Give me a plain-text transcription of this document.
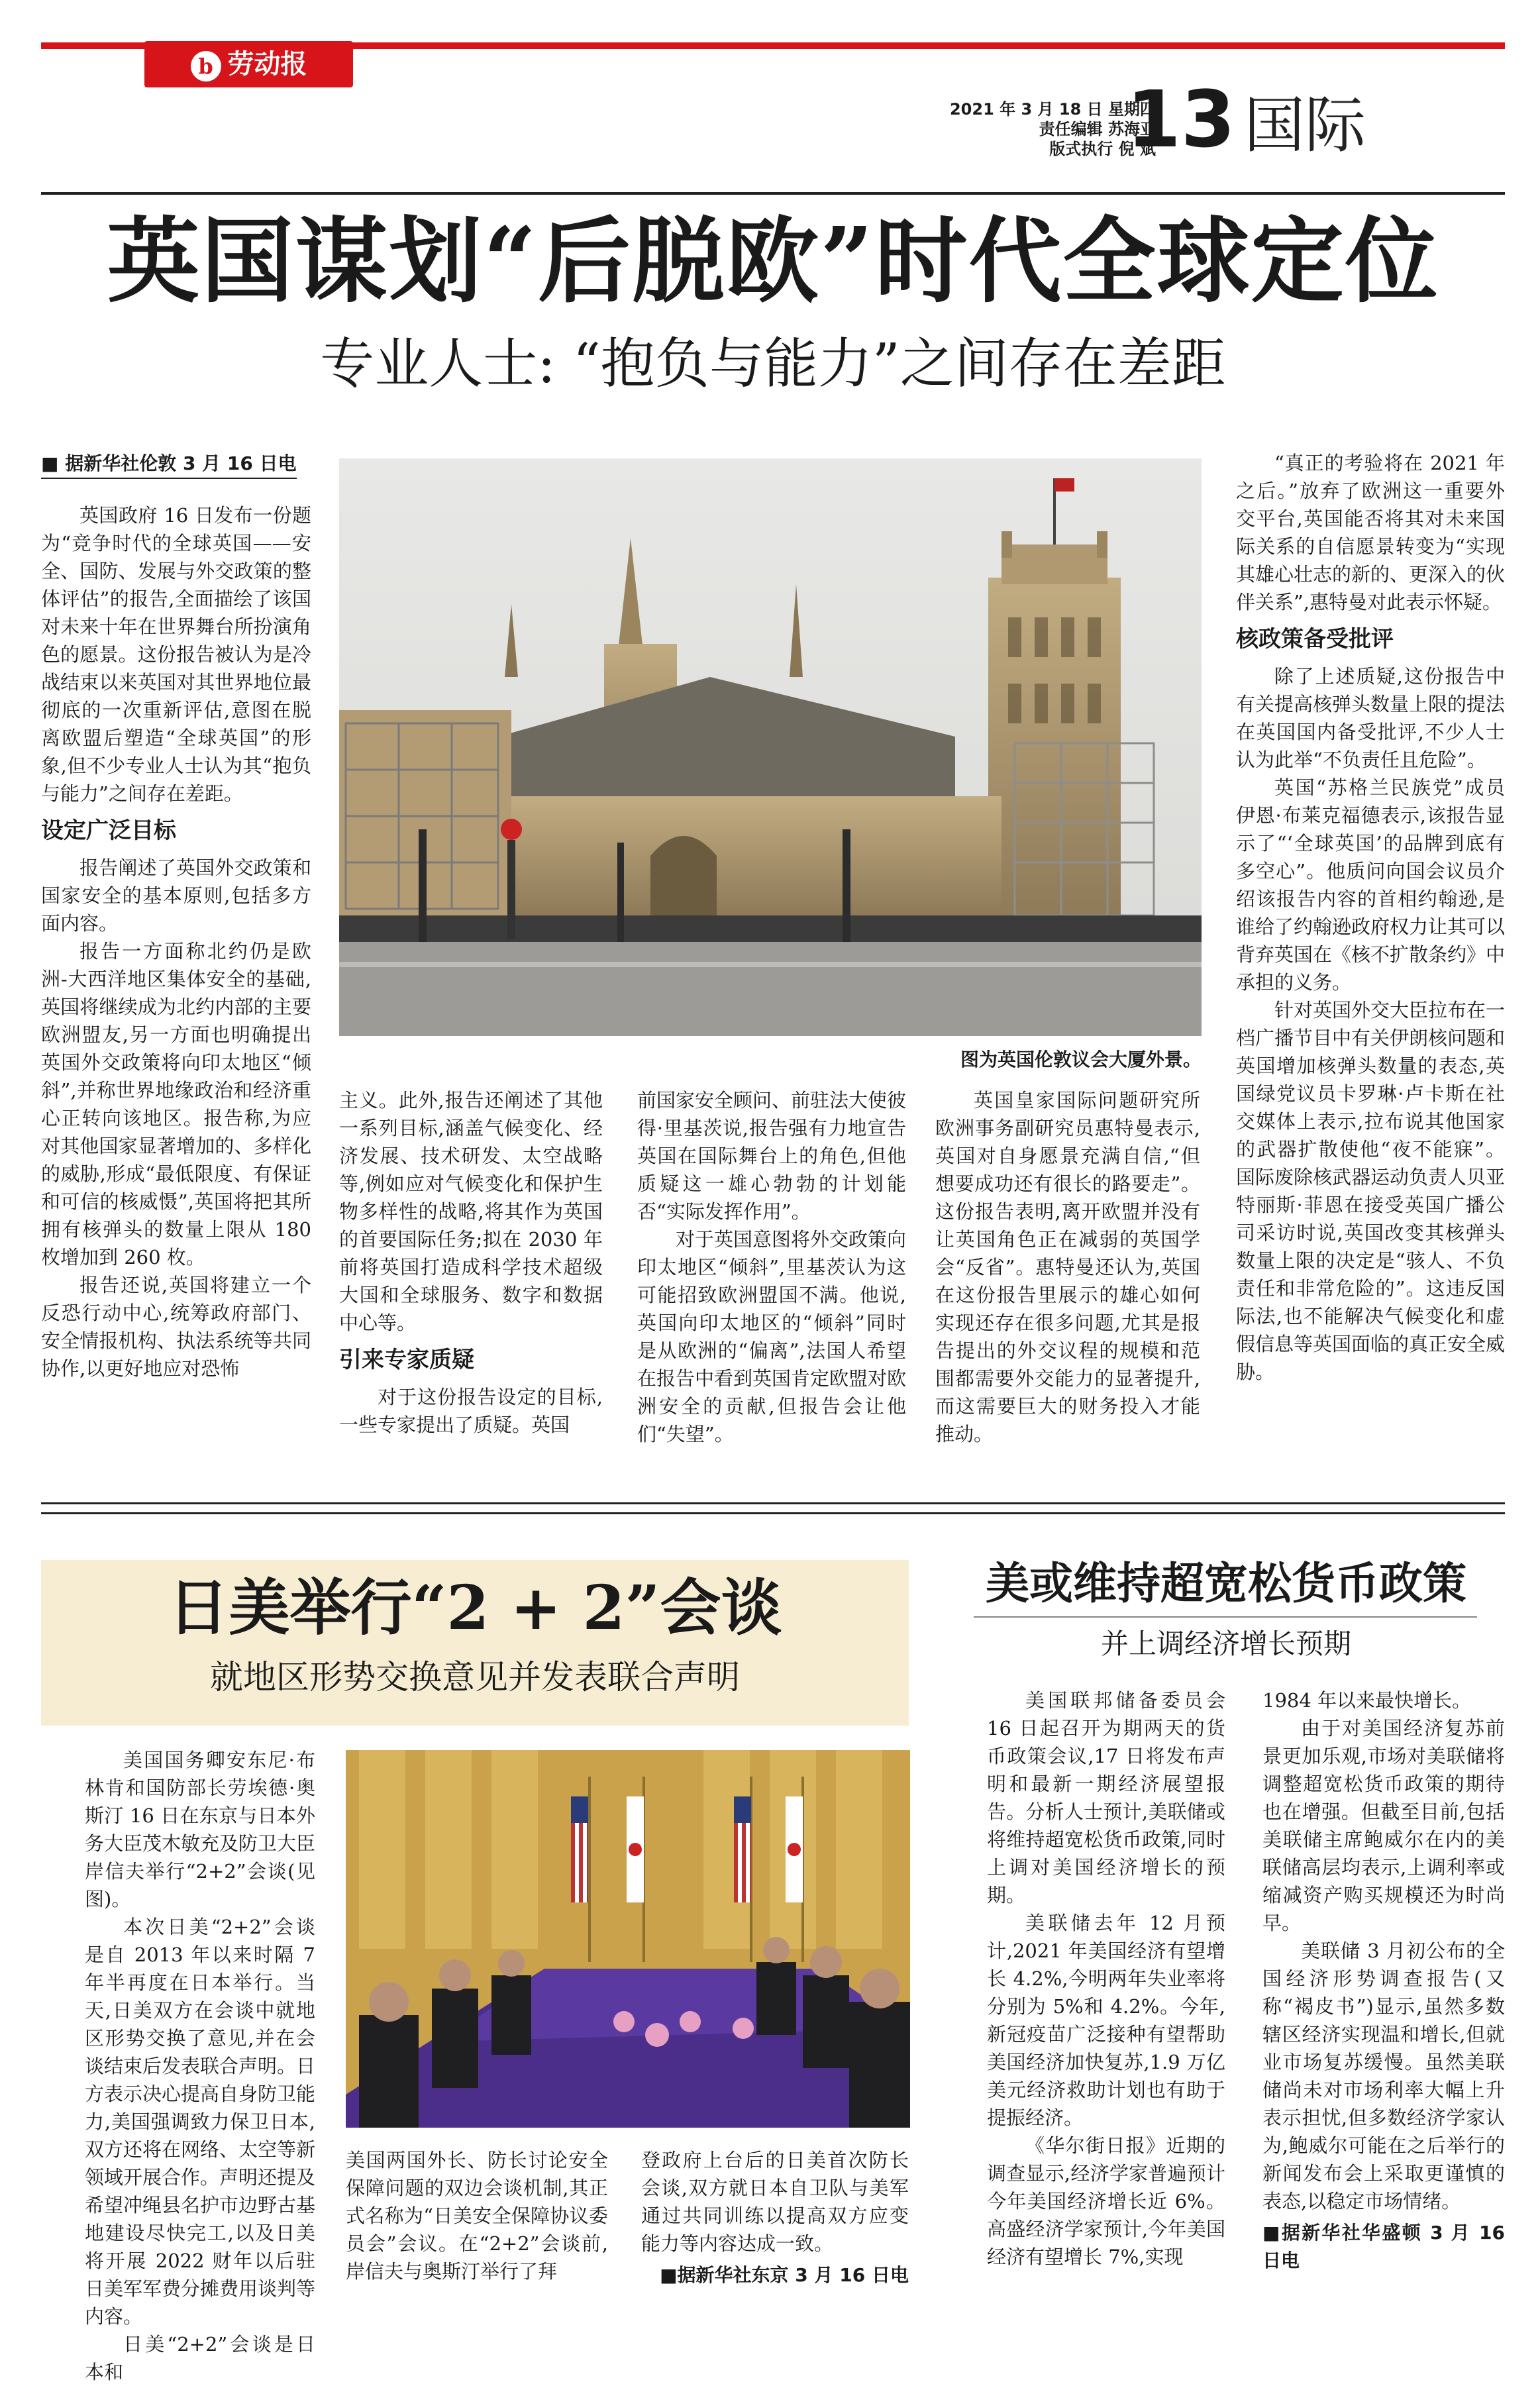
b 劳动报
2021 年 3 月 18 日 星期四
责任编辑 苏海亚
版式执行 倪 斌
13 国际
英国谋划“后脱欧”时代全球定位
专业人士: “抱负与能力”之间存在差距
■ 据新华社伦敦 3 月 16 日电

英国政府 16 日发布一份题为“竞争时代的全球英国——安全、国防、发展与外交政策的整体评估”的报告,全面描绘了该国对未来十年在世界舞台所扮演角色的愿景。这份报告被认为是冷战结束以来英国对其世界地位最彻底的一次重新评估,意图在脱离欧盟后塑造“全球英国”的形象,但不少专业人士认为其“抱负与能力”之间存在差距。

设定广泛目标

报告阐述了英国外交政策和国家安全的基本原则,包括多方面内容。

报告一方面称北约仍是欧洲-大西洋地区集体安全的基础,英国将继续成为北约内部的主要欧洲盟友,另一方面也明确提出英国外交政策将向印太地区“倾斜”,并称世界地缘政治和经济重心正转向该地区。报告称,为应对其他国家显著增加的、多样化的威胁,形成“最低限度、有保证和可信的核威慑”,英国将把其所拥有核弹头的数量上限从 180 枚增加到 260 枚。

报告还说,英国将建立一个反恐行动中心,统筹政府部门、安全情报机构、执法系统等共同协作,以更好地应对恐怖

图为英国伦敦议会大厦外景。

主义。此外,报告还阐述了其他一系列目标,涵盖气候变化、经济发展、技术研发、太空战略等,例如应对气候变化和保护生物多样性的战略,将其作为英国的首要国际任务;拟在 2030 年前将英国打造成科学技术超级大国和全球服务、数字和数据中心等。

引来专家质疑

对于这份报告设定的目标,一些专家提出了质疑。英国

前国家安全顾问、前驻法大使彼得·里基茨说,报告强有力地宣告英国在国际舞台上的角色,但他质疑这一雄心勃勃的计划能否“实际发挥作用”。

对于英国意图将外交政策向印太地区“倾斜”,里基茨认为这可能招致欧洲盟国不满。他说,英国向印太地区的“倾斜”同时是从欧洲的“偏离”,法国人希望在报告中看到英国肯定欧盟对欧洲安全的贡献,但报告会让他们“失望”。

英国皇家国际问题研究所欧洲事务副研究员惠特曼表示,英国对自身愿景充满自信,“但想要成功还有很长的路要走”。这份报告表明,离开欧盟并没有让英国角色正在减弱的英国学会“反省”。惠特曼还认为,英国在这份报告里展示的雄心如何实现还存在很多问题,尤其是报告提出的外交议程的规模和范围都需要外交能力的显著提升,而这需要巨大的财务投入才能推动。

“真正的考验将在 2021 年之后。”放弃了欧洲这一重要外交平台,英国能否将其对未来国际关系的自信愿景转变为“实现其雄心壮志的新的、更深入的伙伴关系”,惠特曼对此表示怀疑。

核政策备受批评

除了上述质疑,这份报告中有关提高核弹头数量上限的提法在英国国内备受批评,不少人士认为此举“不负责任且危险”。

英国“苏格兰民族党”成员伊恩·布莱克福德表示,该报告显示了“‘全球英国’的品牌到底有多空心”。他质问向国会议员介绍该报告内容的首相约翰逊,是谁给了约翰逊政府权力让其可以背弃英国在《核不扩散条约》中承担的义务。

针对英国外交大臣拉布在一档广播节目中有关伊朗核问题和英国增加核弹头数量的表态,英国绿党议员卡罗琳·卢卡斯在社交媒体上表示,拉布说其他国家的武器扩散使他“夜不能寐”。国际废除核武器运动负责人贝亚特丽斯·菲恩在接受英国广播公司采访时说,英国改变其核弹头数量上限的决定是“骇人、不负责任和非常危险的”。这违反国际法,也不能解决气候变化和虚假信息等英国面临的真正安全威胁。

日美举行“2 + 2”会谈
就地区形势交换意见并发表联合声明

美国国务卿安东尼·布林肯和国防部长劳埃德·奥斯汀 16 日在东京与日本外务大臣茂木敏充及防卫大臣岸信夫举行“2+2”会谈(见图)。

本次日美“2+2”会谈是自 2013 年以来时隔 7 年半再度在日本举行。当天,日美双方在会谈中就地区形势交换了意见,并在会谈结束后发表联合声明。日方表示决心提高自身防卫能力,美国强调致力保卫日本,双方还将在网络、太空等新领域开展合作。声明还提及希望冲绳县名护市边野古基地建设尽快完工,以及日美将开展 2022 财年以后驻日美军军费分摊费用谈判等内容。

日美“2+2”会谈是日本和

美国两国外长、防长讨论安全保障问题的双边会谈机制,其正式名称为“日美安全保障协议委员会”会议。在“2+2”会谈前,岸信夫与奥斯汀举行了拜

登政府上台后的日美首次防长会谈,双方就日本自卫队与美军通过共同训练以提高双方应变能力等内容达成一致。

■据新华社东京 3 月 16 日电
美或维持超宽松货币政策
并上调经济增长预期

美国联邦储备委员会 16 日起召开为期两天的货币政策会议,17 日将发布声明和最新一期经济展望报告。分析人士预计,美联储或将维持超宽松货币政策,同时上调对美国经济增长的预期。

美联储去年 12 月预计,2021 年美国经济有望增长 4.2%,今明两年失业率将分别为 5%和 4.2%。今年,新冠疫苗广泛接种有望帮助美国经济加快复苏,1.9 万亿美元经济救助计划也有助于提振经济。

《华尔街日报》近期的调查显示,经济学家普遍预计今年美国经济增长近 6%。高盛经济学家预计,今年美国经济有望增长 7%,实现

1984 年以来最快增长。

由于对美国经济复苏前景更加乐观,市场对美联储将调整超宽松货币政策的期待也在增强。但截至目前,包括美联储主席鲍威尔在内的美联储高层均表示,上调利率或缩减资产购买规模还为时尚早。

美联储 3 月初公布的全国经济形势调查报告(又称“褐皮书”)显示,虽然多数辖区经济实现温和增长,但就业市场复苏缓慢。虽然美联储尚未对市场利率大幅上升表示担忧,但多数经济学家认为,鲍威尔可能在之后举行的新闻发布会上采取更谨慎的表态,以稳定市场情绪。

■据新华社华盛顿 3 月 16 日电
